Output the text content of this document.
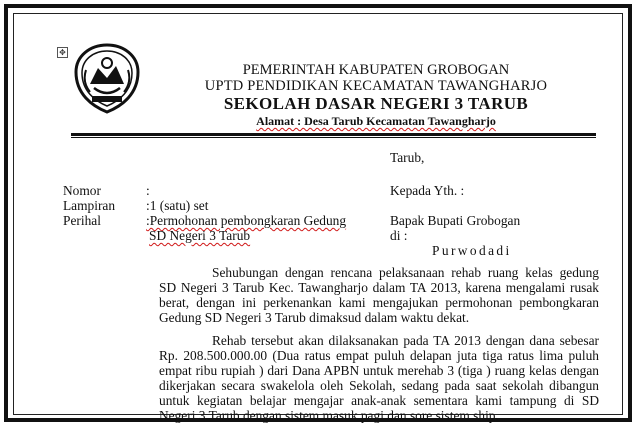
✥
PEMERINTAH KABUPATEN GROBOGAN
UPTD PENDIDIKAN KECAMATAN TAWANGHARJO
SEKOLAH DASAR NEGERI 3 TARUB
Alamat : Desa Tarub Kecamatan Tawangharjo
Tarub,
Nomor	:
Lampiran :1 (satu) set
Perihal	:Permohonan pembongkaran Gedung
SD Negeri 3 Tarub
Kepada Yth. :
Bapak Bupati Grobogan
di :
Purwodadi
Sehubungan dengan rencana pelaksanaan rehab ruang kelas gedung
SD Negeri 3 Tarub Kec. Tawangharjo dalam TA 2013, karena mengalami rusak
berat, dengan ini perkenankan kami mengajukan permohonan pembongkaran
Gedung SD Negeri 3 Tarub dimaksud dalam waktu dekat.
Rehab tersebut akan dilaksanakan pada TA 2013 dengan dana sebesar
Rp. 208.500.000.00 (Dua ratus empat puluh delapan juta tiga ratus lima puluh
empat ribu rupiah ) dari Dana APBN untuk merehab 3 (tiga ) ruang kelas dengan
dikerjakan secara swakelola oleh Sekolah, sedang pada saat sekolah dibangun
untuk kegiatan belajar mengajar anak-anak sementara kami tampung di SD
Negeri 3 Tarub dengan sistem masuk pagi dan sore sistem ship.
